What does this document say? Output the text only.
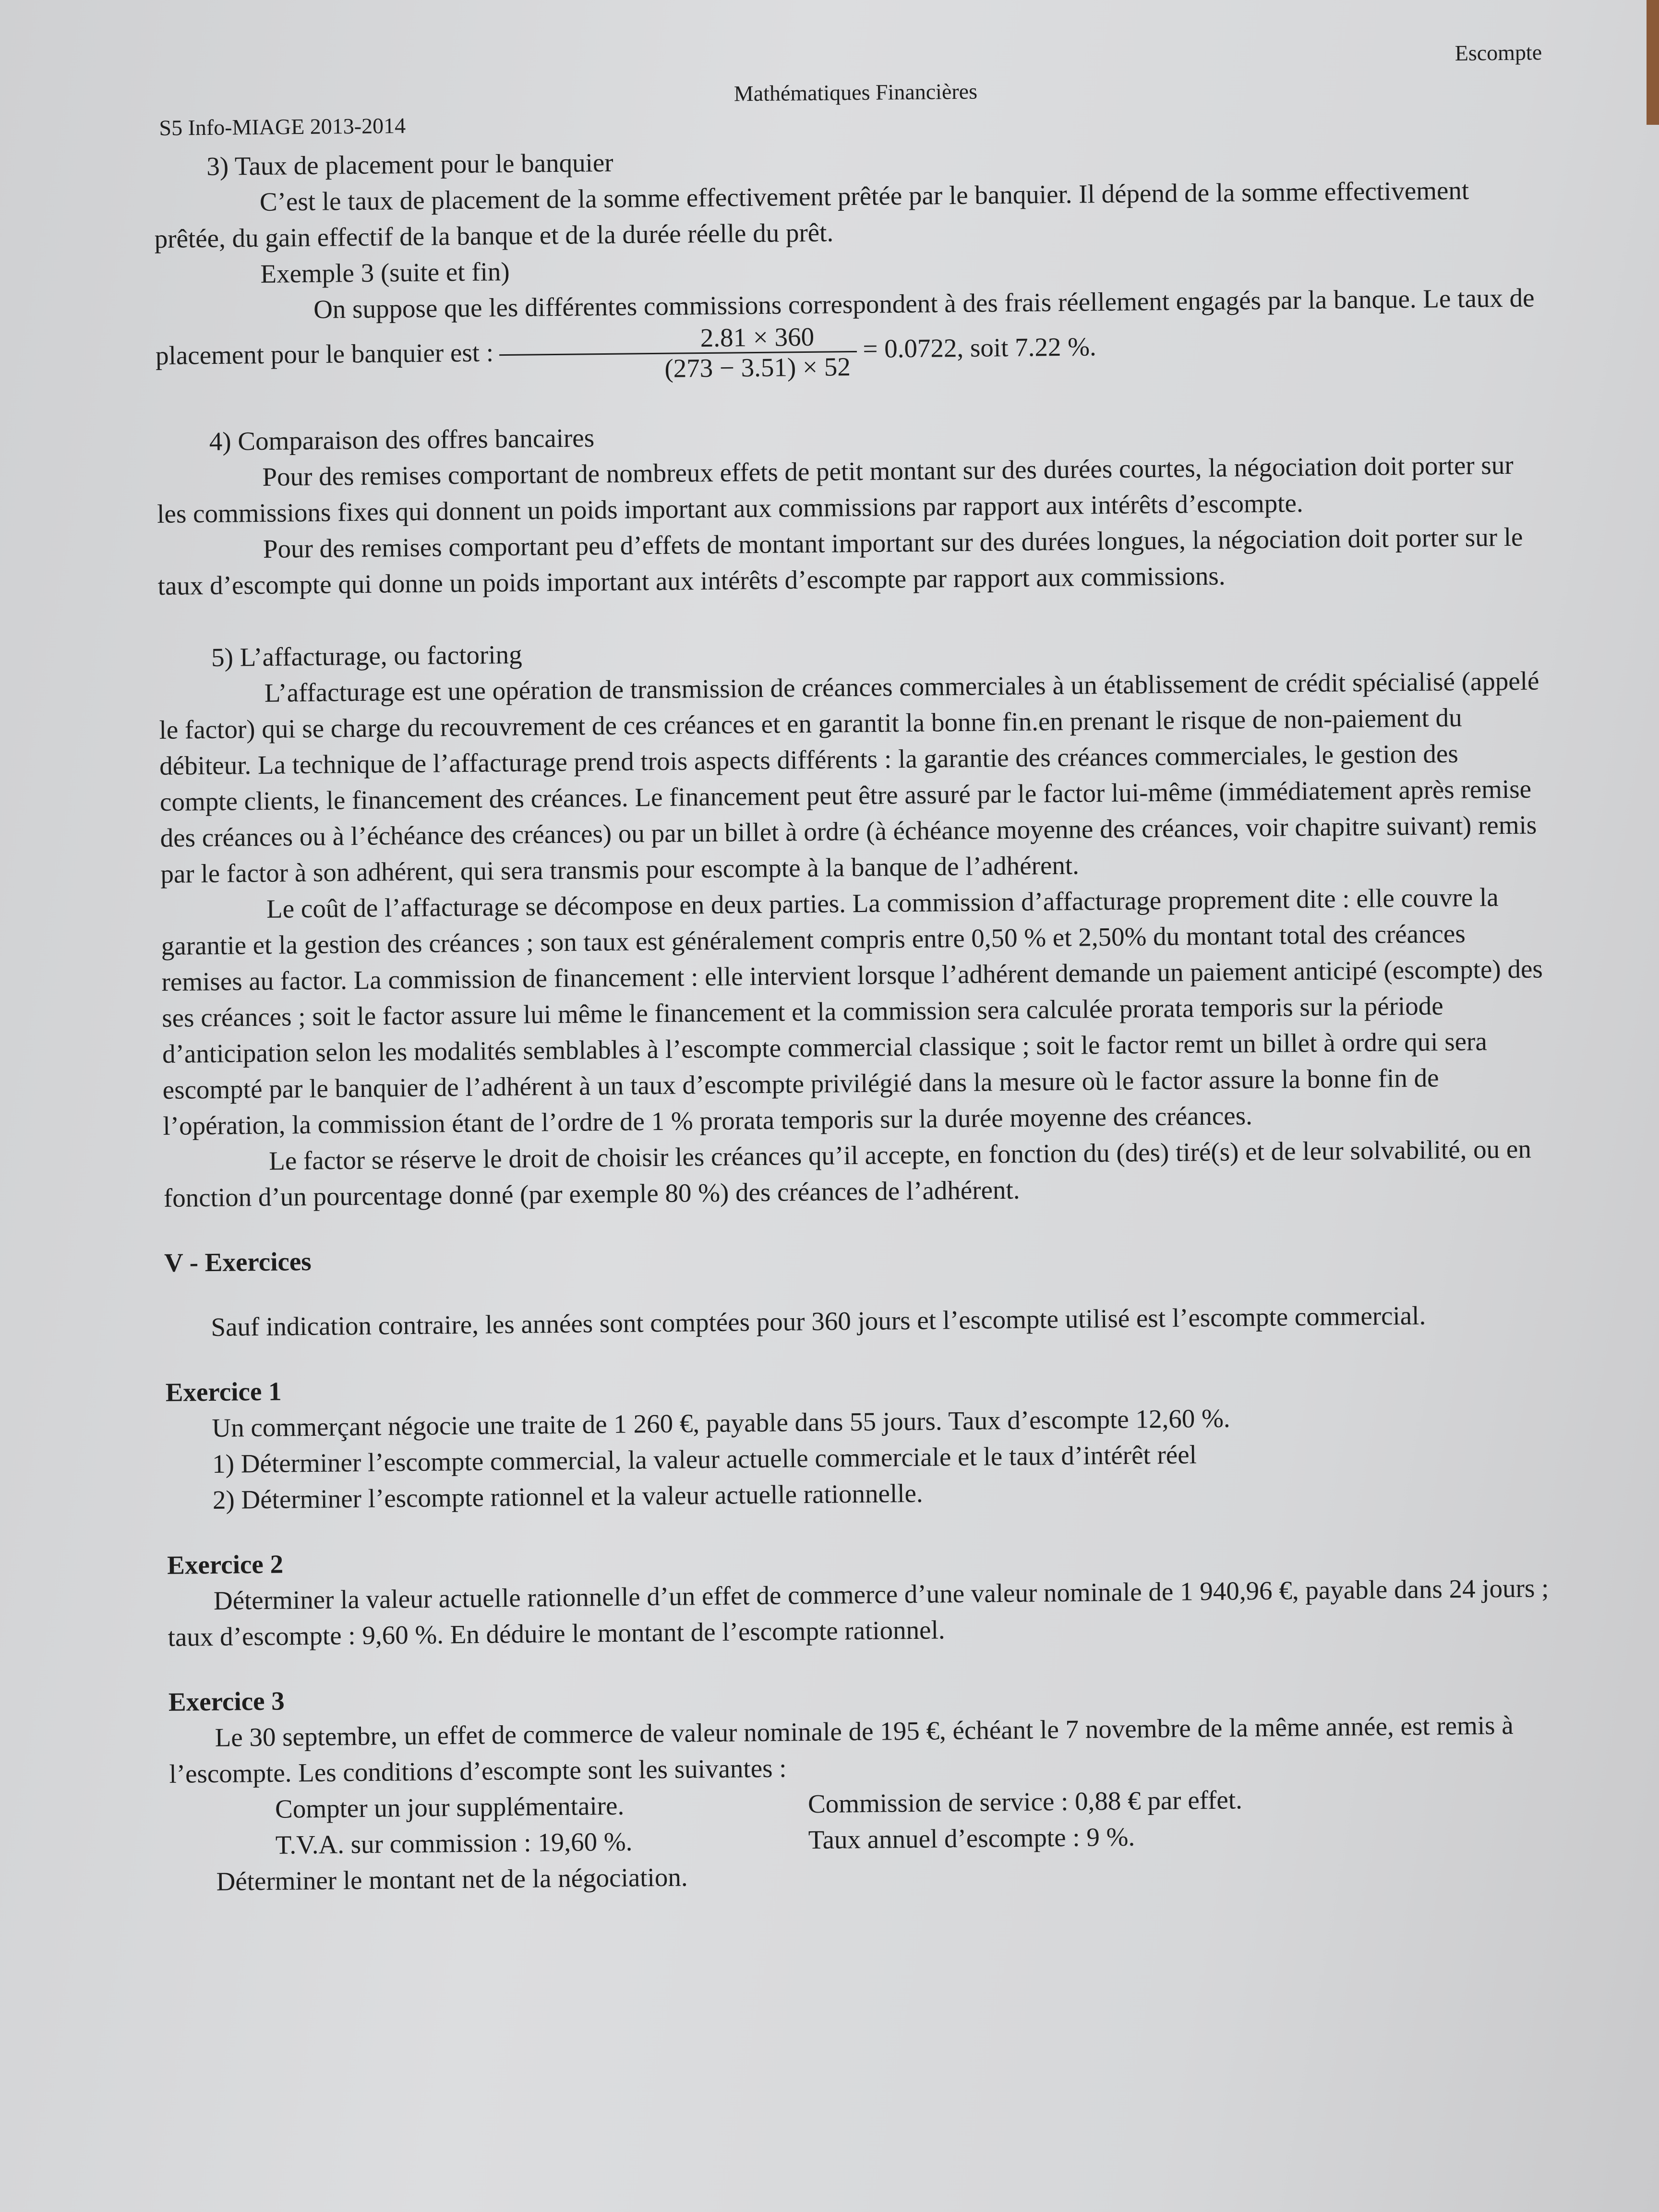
S5 Info-MIAGE 2013-2014
Mathématiques Financières
Escompte

3) Taux de placement pour le banquier

C’est le taux de placement de la somme effectivement prêtée par le banquier. Il dépend de la somme effectivement prêtée, du gain effectif de la banque et de la durée réelle du prêt.

Exemple 3 (suite et fin)

On suppose que les différentes commissions correspondent à des frais réellement engagés par la banque. Le taux de placement pour le banquier est : $\frac{2.81 \times 360}{(273 - 3.51) \times 52} = 0.0722$, soit 7.22 %.

4) Comparaison des offres bancaires

Pour des remises comportant de nombreux effets de petit montant sur des durées courtes, la négociation doit porter sur les commissions fixes qui donnent un poids important aux commissions par rapport aux intérêts d’escompte.

Pour des remises comportant peu d’effets de montant important sur des durées longues, la négociation doit porter sur le taux d’escompte qui donne un poids important aux intérêts d’escompte par rapport aux commissions.

5) L’affacturage, ou factoring

L’affacturage est une opération de transmission de créances commerciales à un établissement de crédit spécialisé (appelé le factor) qui se charge du recouvrement de ces créances et en garantit la bonne fin.en prenant le risque de non-paiement du débiteur. La technique de l’affacturage prend trois aspects différents : la garantie des créances commerciales, le gestion des compte clients, le financement des créances. Le financement peut être assuré par le factor lui-même (immédiatement après remise des créances ou à l’échéance des créances) ou par un billet à ordre (à échéance moyenne des créances, voir chapitre suivant) remis par le factor à son adhérent, qui sera transmis pour escompte à la banque de l’adhérent.

Le coût de l’affacturage se décompose en deux parties. La commission d’affacturage proprement dite : elle couvre la garantie et la gestion des créances ; son taux est généralement compris entre 0,50 % et 2,50% du montant total des créances remises au factor. La commission de financement : elle intervient lorsque l’adhérent demande un paiement anticipé (escompte) des ses créances ; soit le factor assure lui même le financement et la commission sera calculée prorata temporis sur la période d’anticipation selon les modalités semblables à l’escompte commercial classique ; soit le factor remt un billet à ordre qui sera escompté par le banquier de l’adhérent à un taux d’escompte privilégié dans la mesure où le factor assure la bonne fin de l’opération, la commission étant de l’ordre de 1 % prorata temporis sur la durée moyenne des créances.

Le factor se réserve le droit de choisir les créances qu’il accepte, en fonction du (des) tiré(s) et de leur solvabilité, ou en fonction d’un pourcentage donné (par exemple 80 %) des créances de l’adhérent.

V - Exercices

Sauf indication contraire, les années sont comptées pour 360 jours et l’escompte utilisé est l’escompte commercial.

Exercice 1

Un commerçant négocie une traite de 1 260 €, payable dans 55 jours. Taux d’escompte 12,60 %.

1) Déterminer l’escompte commercial, la valeur actuelle commerciale et le taux d’intérêt réel

2) Déterminer l’escompte rationnel et la valeur actuelle rationnelle.

Exercice 2

Déterminer la valeur actuelle rationnelle d’un effet de commerce d’une valeur nominale de 1 940,96 €, payable dans 24 jours ; taux d’escompte : 9,60 %. En déduire le montant de l’escompte rationnel.

Exercice 3

Le 30 septembre, un effet de commerce de valeur nominale de 195 €, échéant le 7 novembre de la même année, est remis à l’escompte. Les conditions d’escompte sont les suivantes :

Compter un jour supplémentaire.	Commission de service : 0,88 € par effet.
T.V.A. sur commission : 19,60 %.	Taux annuel d’escompte : 9 %.

Déterminer le montant net de la négociation.
